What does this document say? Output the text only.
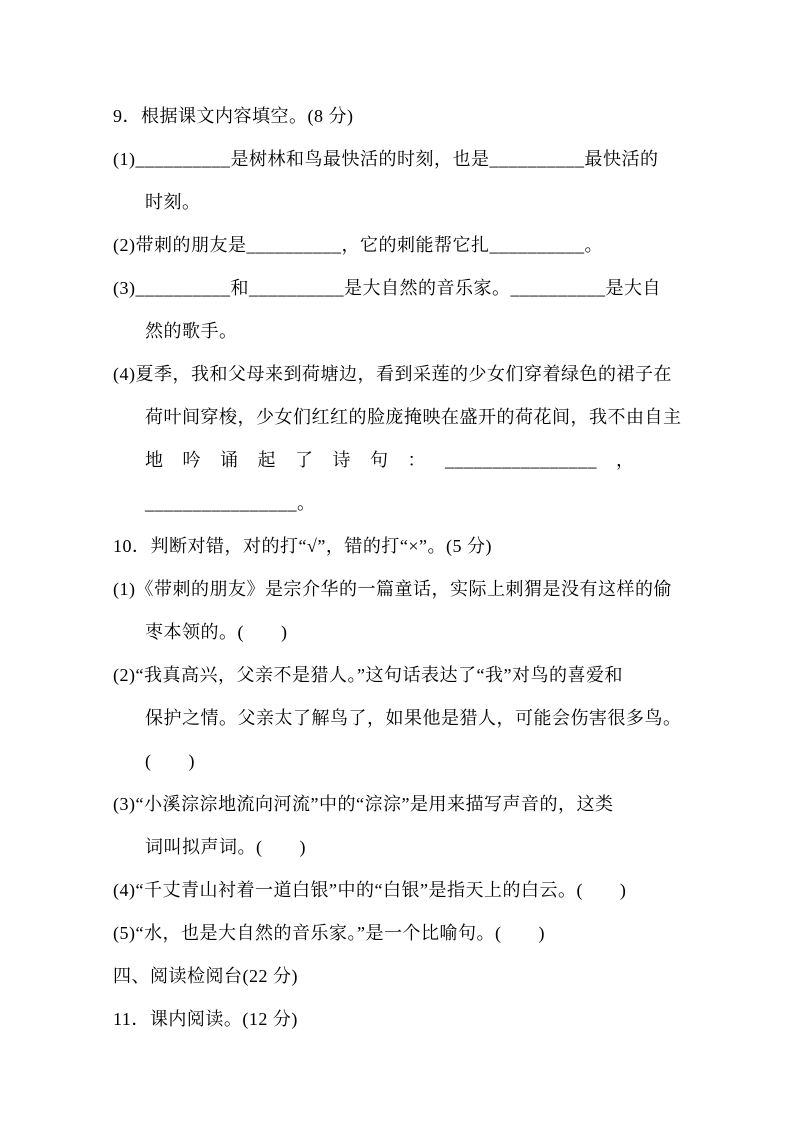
9．根据课文内容填空。(8 分)
(1)__________是树林和鸟最快活的时刻，也是__________最快活的
时刻。
(2)带刺的朋友是__________，它的刺能帮它扎__________。
(3)__________和__________是大自然的音乐家。__________是大自
然的歌手。
(4)夏季，我和父母来到荷塘边，看到采莲的少女们穿着绿色的裙子在
荷叶间穿梭，少女们红红的脸庞掩映在盛开的荷花间，我不由自主
地 吟 诵 起 了 诗 句 ： ________________ ，
________________。
10．判断对错，对的打“√”，错的打“×”。(5 分)
(1)《带刺的朋友》是宗介华的一篇童话，实际上刺猬是没有这样的偷
枣本领的。(　　)
(2)“我真高兴，父亲不是猎人。”这句话表达了“我”对鸟的喜爱和
保护之情。父亲太了解鸟了，如果他是猎人，可能会伤害很多鸟。
(　　)
(3)“小溪淙淙地流向河流”中的“淙淙”是用来描写声音的，这类
词叫拟声词。(　　)
(4)“千丈青山衬着一道白银”中的“白银”是指天上的白云。(　　)
(5)“水，也是大自然的音乐家。”是一个比喻句。(　　)
四、阅读检阅台(22 分)
11．课内阅读。(12 分)
